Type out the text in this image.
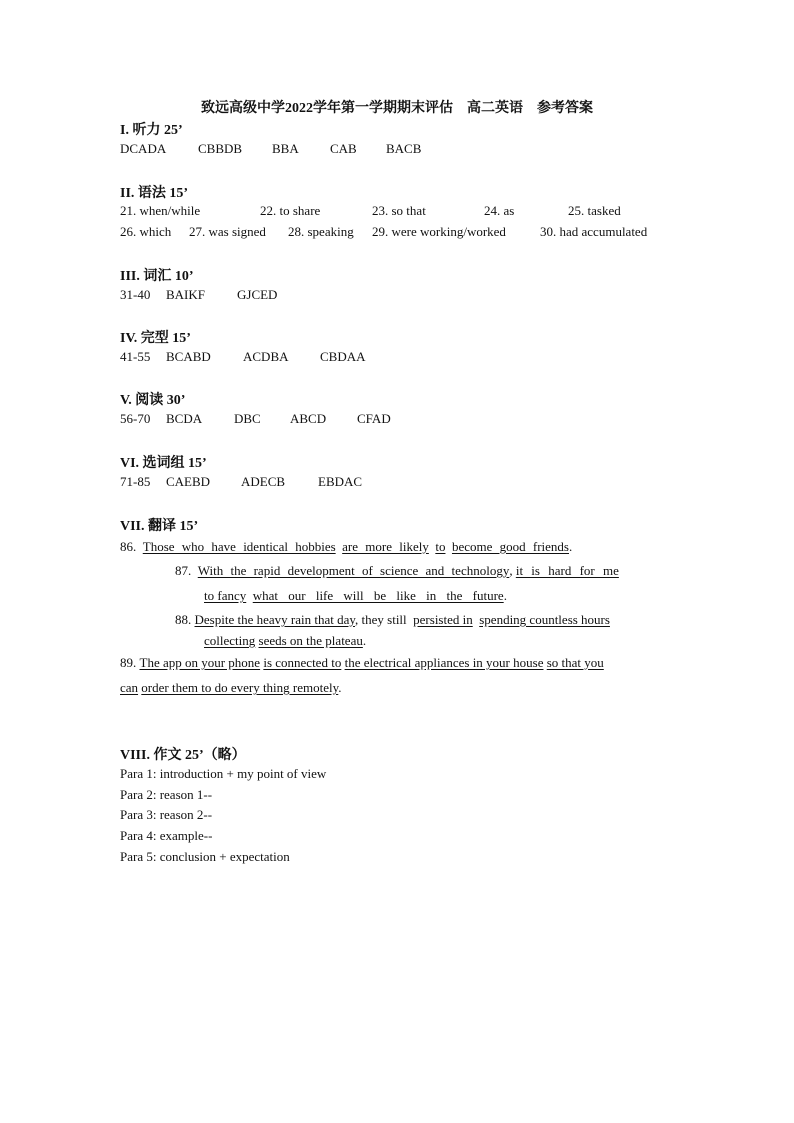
致远高级中学2022学年第一学期期末评估　高二英语　参考答案
I. 听力 25’
DCADA CBBDB BBA CAB BACB
II. 语法 15’
21. when/while	22. to share	23. so that	24. as	25. tasked
26. which 27. was signed 28. speaking 29. were working/worked	30. had accumulated
III. 词汇 10’
31-40 BAIKF GJCED
IV. 完型 15’
41-55 BCABD ACDBA CBDAA
V. 阅读 30’
56-70 BCDA DBC ABCD CFAD
VI. 选词组 15’
71-85 CAEBD ADECB	EBDAC
VII. 翻译 15’
86. Those who have identical hobbies are more likely to become good friends.
87. With the rapid development of science and technology, it is hard for me
to fancy what our life will be like in the future.
88. Despite the heavy rain that day, they still persisted in spending countless hours
collecting seeds on the plateau.
89. The app on your phone is connected to the electrical appliances in your house so that you
can order them to do every thing remotely.
VIII. 作文 25’（略）
Para 1: introduction + my point of view
Para 2: reason 1--
Para 3: reason 2--
Para 4: example--
Para 5: conclusion + expectation
